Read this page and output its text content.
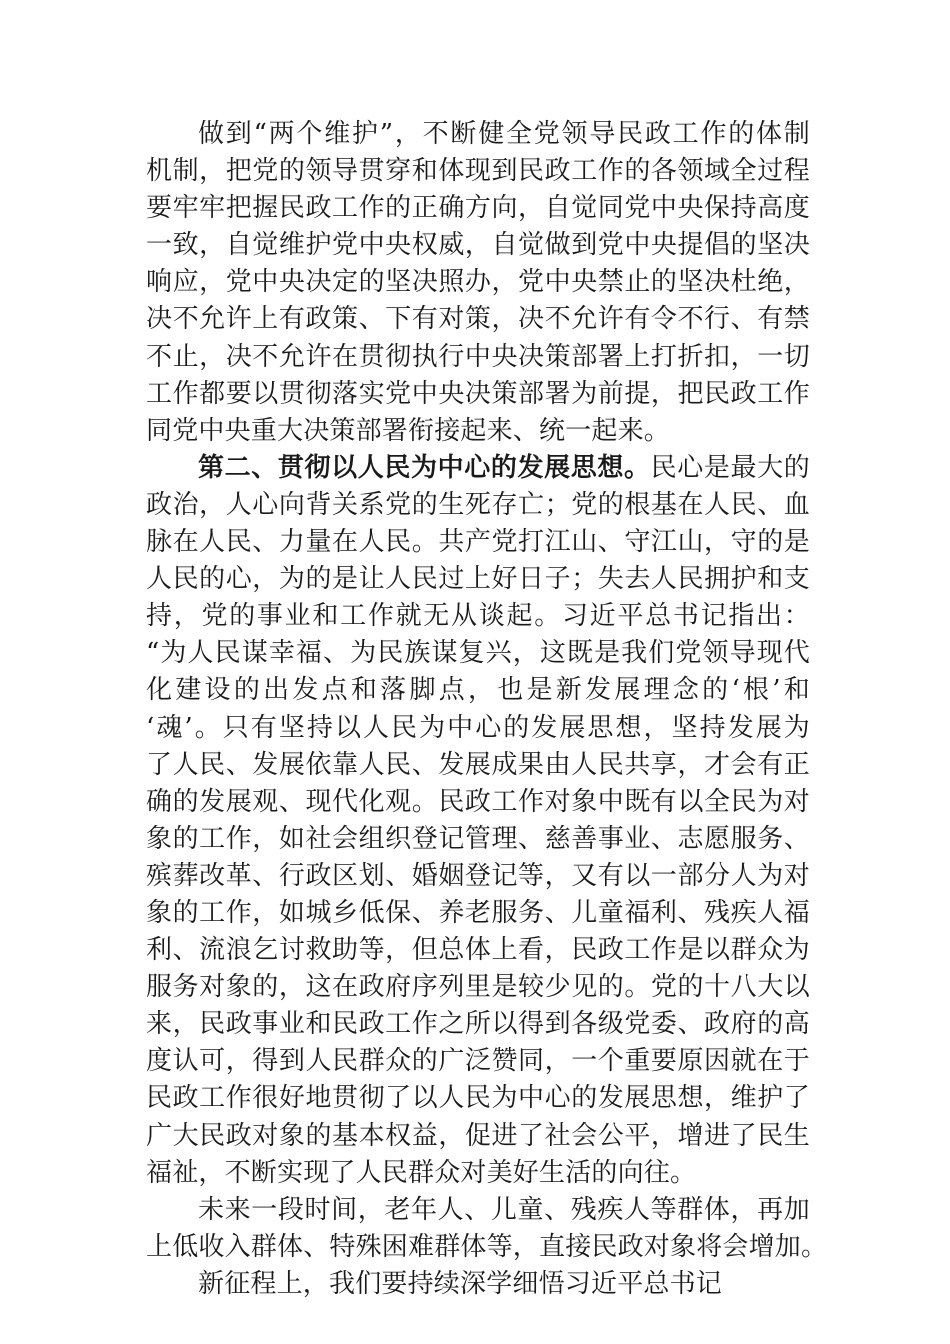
做到“两个维护”，不断健全党领导民政工作的体制
机制，把党的领导贯穿和体现到民政工作的各领域全过程
要牢牢把握民政工作的正确方向，自觉同党中央保持高度
一致，自觉维护党中央权威，自觉做到党中央提倡的坚决
响应，党中央决定的坚决照办，党中央禁止的坚决杜绝，
决不允许上有政策、下有对策，决不允许有令不行、有禁
不止，决不允许在贯彻执行中央决策部署上打折扣，一切
工作都要以贯彻落实党中央决策部署为前提，把民政工作
同党中央重大决策部署衔接起来、统一起来。
第二、贯彻以人民为中心的发展思想。民心是最大的
政治，人心向背关系党的生死存亡；党的根基在人民、血
脉在人民、力量在人民。共产党打江山、守江山，守的是
人民的心，为的是让人民过上好日子；失去人民拥护和支
持，党的事业和工作就无从谈起。习近平总书记指出：
“为人民谋幸福、为民族谋复兴，这既是我们党领导现代
化建设的出发点和落脚点，也是新发展理念的‘根’和
‘魂’。只有坚持以人民为中心的发展思想，坚持发展为
了人民、发展依靠人民、发展成果由人民共享，才会有正
确的发展观、现代化观。民政工作对象中既有以全民为对
象的工作，如社会组织登记管理、慈善事业、志愿服务、
殡葬改革、行政区划、婚姻登记等，又有以一部分人为对
象的工作，如城乡低保、养老服务、儿童福利、残疾人福
利、流浪乞讨救助等，但总体上看，民政工作是以群众为
服务对象的，这在政府序列里是较少见的。党的十八大以
来，民政事业和民政工作之所以得到各级党委、政府的高
度认可，得到人民群众的广泛赞同，一个重要原因就在于
民政工作很好地贯彻了以人民为中心的发展思想，维护了
广大民政对象的基本权益，促进了社会公平，增进了民生
福祉，不断实现了人民群众对美好生活的向往。
未来一段时间，老年人、儿童、残疾人等群体，再加
上低收入群体、特殊困难群体等，直接民政对象将会增加。
新征程上，我们要持续深学细悟习近平总书记
